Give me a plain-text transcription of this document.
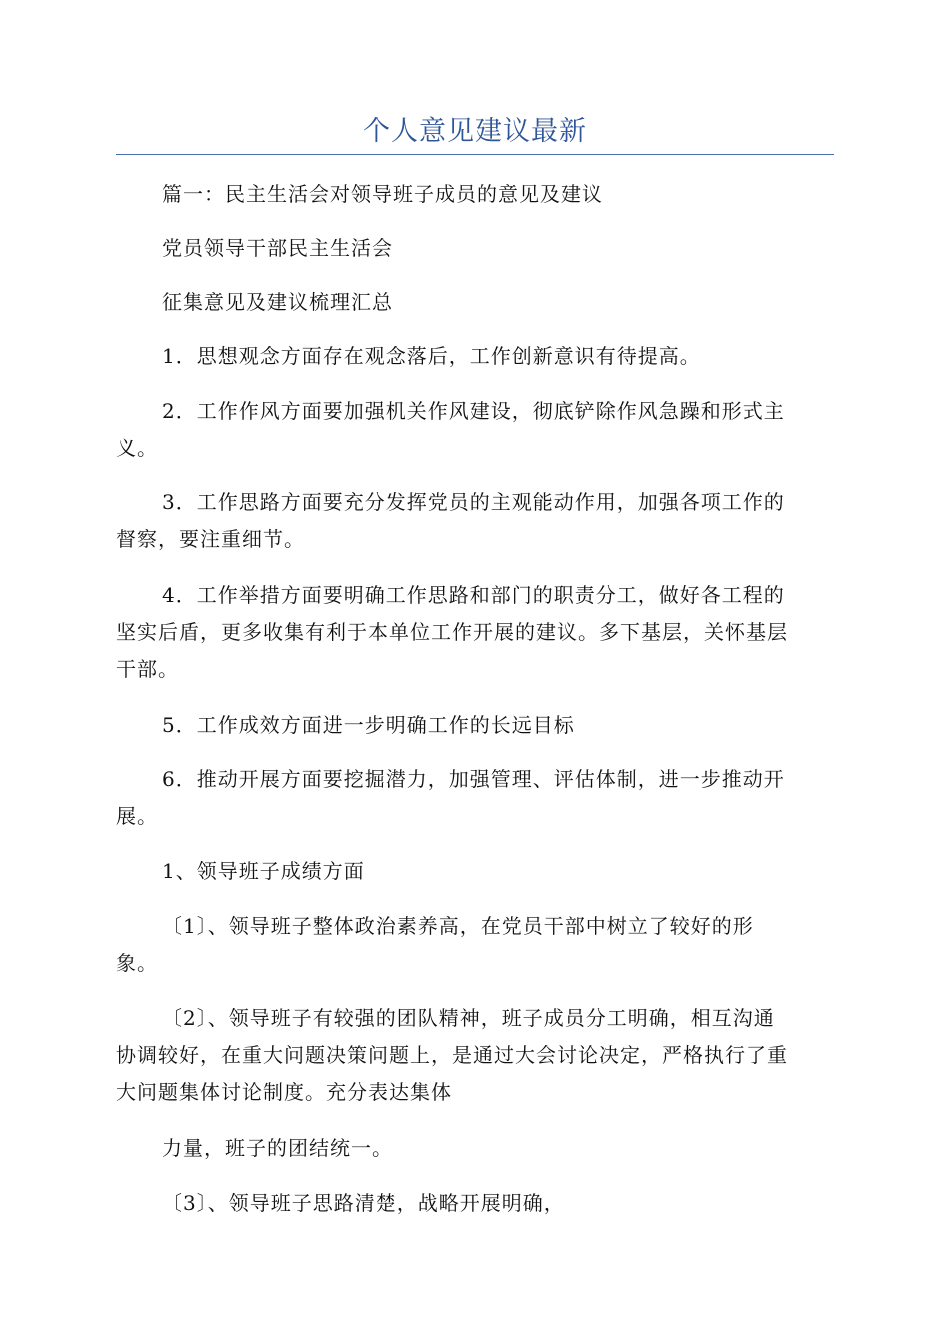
个人意见建议最新
篇一：民主生活会对领导班子成员的意见及建议
党员领导干部民主生活会
征集意见及建议梳理汇总
1．思想观念方面存在观念落后，工作创新意识有待提高。
2．工作作风方面要加强机关作风建设，彻底铲除作风急躁和形式主
义。
3．工作思路方面要充分发挥党员的主观能动作用，加强各项工作的
督察，要注重细节。
4．工作举措方面要明确工作思路和部门的职责分工，做好各工程的
坚实后盾，更多收集有利于本单位工作开展的建议。多下基层，关怀基层
干部。
5．工作成效方面进一步明确工作的长远目标
6．推动开展方面要挖掘潜力，加强管理、评估体制，进一步推动开
展。
1、领导班子成绩方面
〔1〕、领导班子整体政治素养高，在党员干部中树立了较好的形
象。
〔2〕、领导班子有较强的团队精神，班子成员分工明确，相互沟通
协调较好，在重大问题决策问题上，是通过大会讨论决定，严格执行了重
大问题集体讨论制度。充分表达集体
力量，班子的团结统一。
〔3〕、领导班子思路清楚，战略开展明确，
